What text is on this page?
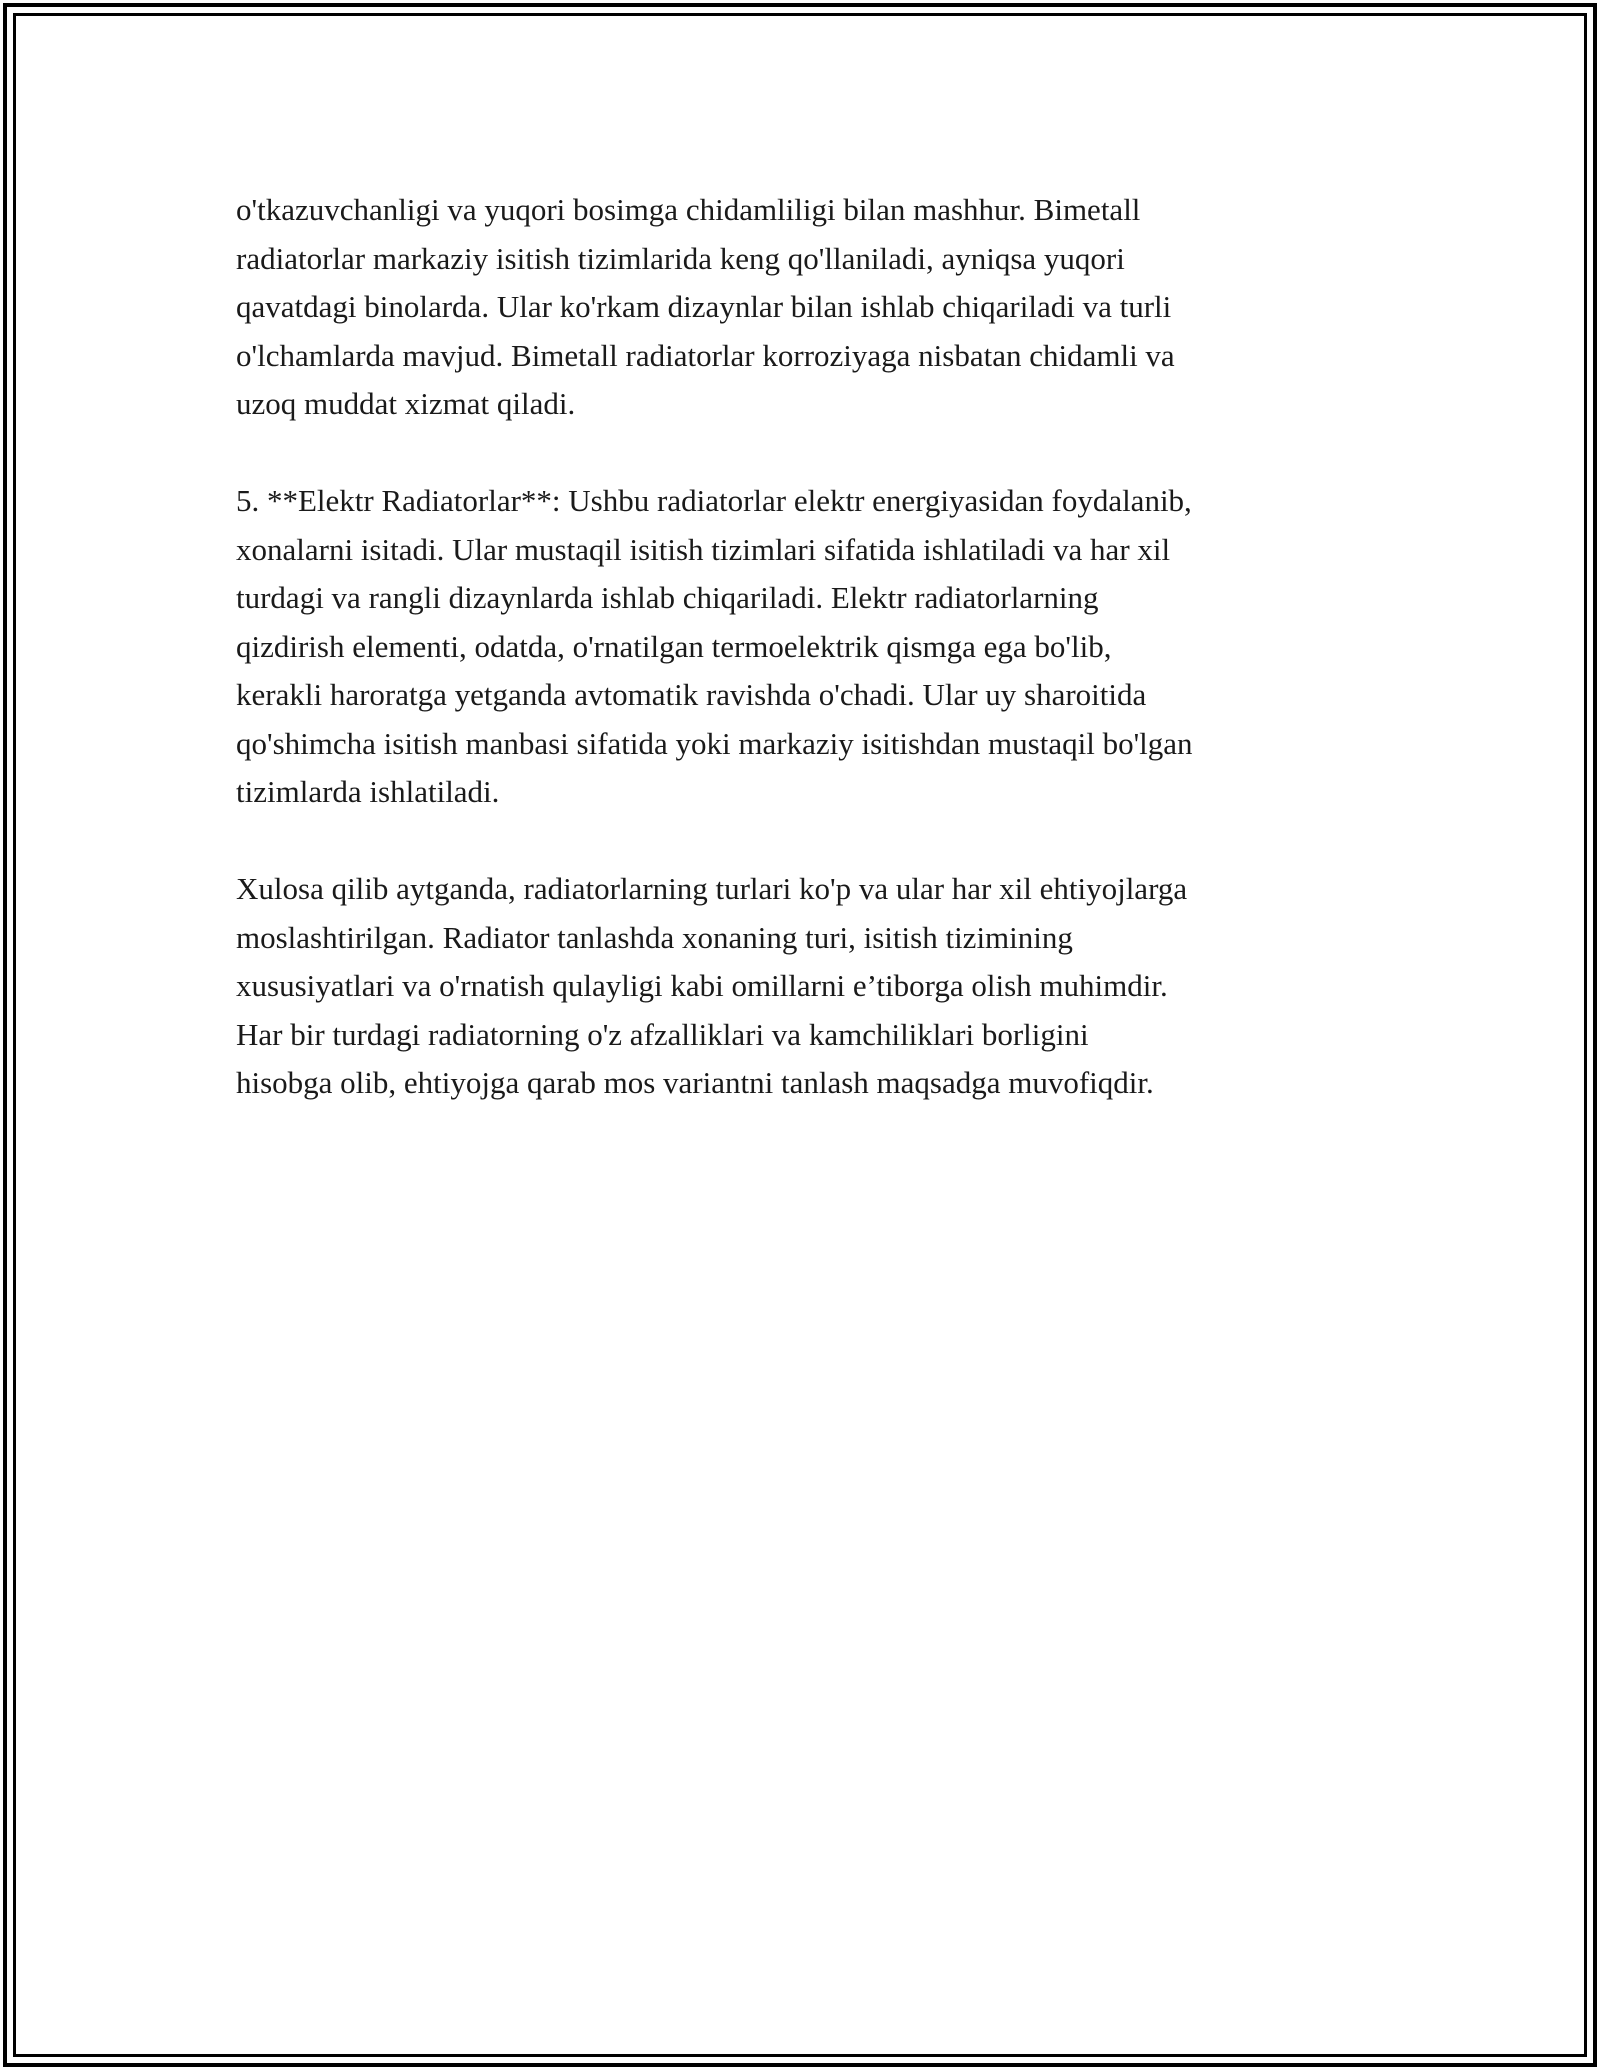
o'tkazuvchanligi va yuqori bosimga chidamliligi bilan mashhur. Bimetall
radiatorlar markaziy isitish tizimlarida keng qo'llaniladi, ayniqsa yuqori
qavatdagi binolarda. Ular ko'rkam dizaynlar bilan ishlab chiqariladi va turli
o'lchamlarda mavjud. Bimetall radiatorlar korroziyaga nisbatan chidamli va
uzoq muddat xizmat qiladi.

5. **Elektr Radiatorlar**: Ushbu radiatorlar elektr energiyasidan foydalanib,
xonalarni isitadi. Ular mustaqil isitish tizimlari sifatida ishlatiladi va har xil
turdagi va rangli dizaynlarda ishlab chiqariladi. Elektr radiatorlarning
qizdirish elementi, odatda, o'rnatilgan termoelektrik qismga ega bo'lib,
kerakli haroratga yetganda avtomatik ravishda o'chadi. Ular uy sharoitida
qo'shimcha isitish manbasi sifatida yoki markaziy isitishdan mustaqil bo'lgan
tizimlarda ishlatiladi.

Xulosa qilib aytganda, radiatorlarning turlari ko'p va ular har xil ehtiyojlarga
moslashtirilgan. Radiator tanlashda xonaning turi, isitish tizimining
xususiyatlari va o'rnatish qulayligi kabi omillarni e’tiborga olish muhimdir.
Har bir turdagi radiatorning o'z afzalliklari va kamchiliklari borligini
hisobga olib, ehtiyojga qarab mos variantni tanlash maqsadga muvofiqdir.
